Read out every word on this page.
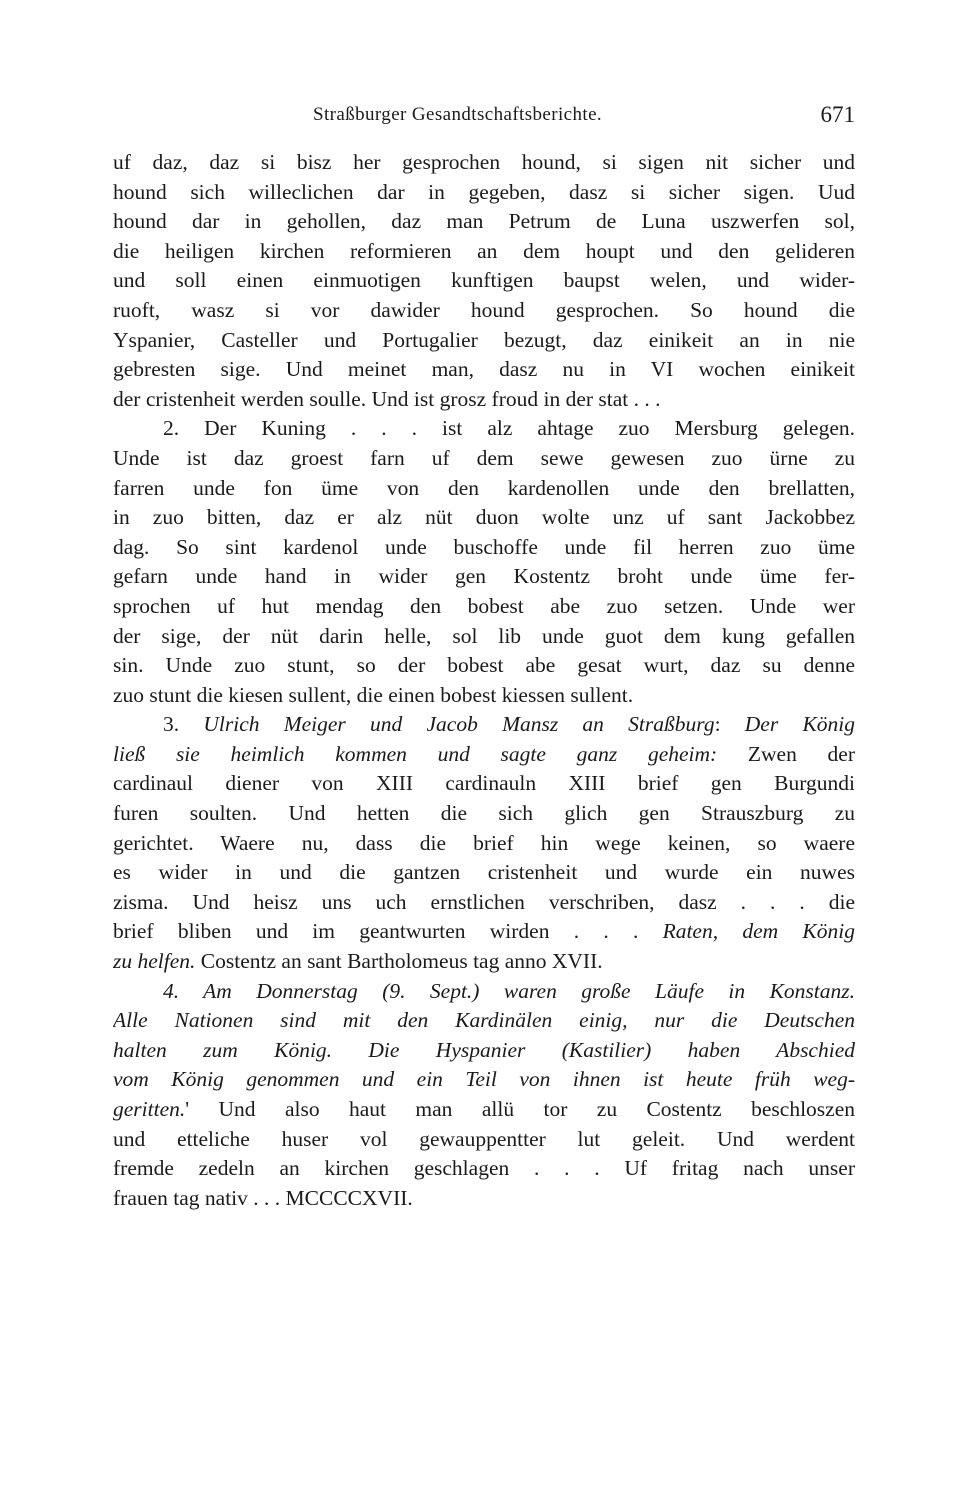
Straßburger Gesandtschaftsberichte.	671
uf daz, daz si bisz her gesprochen hound, si sigen nit sicher und
hound sich willeclichen dar in gegeben, dasz si sicher sigen. Uud
hound dar in gehollen, daz man Petrum de Luna uszwerfen sol,
die heiligen kirchen reformieren an dem houpt und den gelideren
und soll einen einmuotigen kunftigen baupst welen, und wider-
ruoft, wasz si vor dawider hound gesprochen. So hound die
Yspanier, Casteller und Portugalier bezugt, daz einikeit an in nie
gebresten sige. Und meinet man, dasz nu in VI wochen einikeit
der cristenheit werden soulle. Und ist grosz froud in der stat . . .
2. Der Kuning . . . ist alz ahtage zuo Mersburg gelegen.
Unde ist daz groest farn uf dem sewe gewesen zuo ürne zu
farren unde fon üme von den kardenollen unde den brellatten,
in zuo bitten, daz er alz nüt duon wolte unz uf sant Jackobbez
dag. So sint kardenol unde buschoffe unde fil herren zuo üme
gefarn unde hand in wider gen Kostentz broht unde üme fer-
sprochen uf hut mendag den bobest abe zuo setzen. Unde wer
der sige, der nüt darin helle, sol lib unde guot dem kung gefallen
sin. Unde zuo stunt, so der bobest abe gesat wurt, daz su denne
zuo stunt die kiesen sullent, die einen bobest kiessen sullent.
3. Ulrich Meiger und Jacob Mansz an Straßburg: Der König
ließ sie heimlich kommen und sagte ganz geheim: Zwen der
cardinaul diener von XIII cardinauln XIII brief gen Burgundi
furen soulten. Und hetten die sich glich gen Strauszburg zu
gerichtet. Waere nu, dass die brief hin wege keinen, so waere
es wider in und die gantzen cristenheit und wurde ein nuwes
zisma. Und heisz uns uch ernstlichen verschriben, dasz . . . die
brief bliben und im geantwurten wirden . . . Raten, dem König
zu helfen. Costentz an sant Bartholomeus tag anno XVII.
4. Am Donnerstag (9. Sept.) waren große Läufe in Konstanz.
Alle Nationen sind mit den Kardinälen einig, nur die Deutschen
halten zum König. Die Hyspanier (Kastilier) haben Abschied
vom König genommen und ein Teil von ihnen ist heute früh weg-
geritten.' Und also haut man allü tor zu Costentz beschloszen
und etteliche huser vol gewauppentter lut geleit. Und werdent
fremde zedeln an kirchen geschlagen . . . Uf fritag nach unser
frauen tag nativ . . . MCCCCXVII.
